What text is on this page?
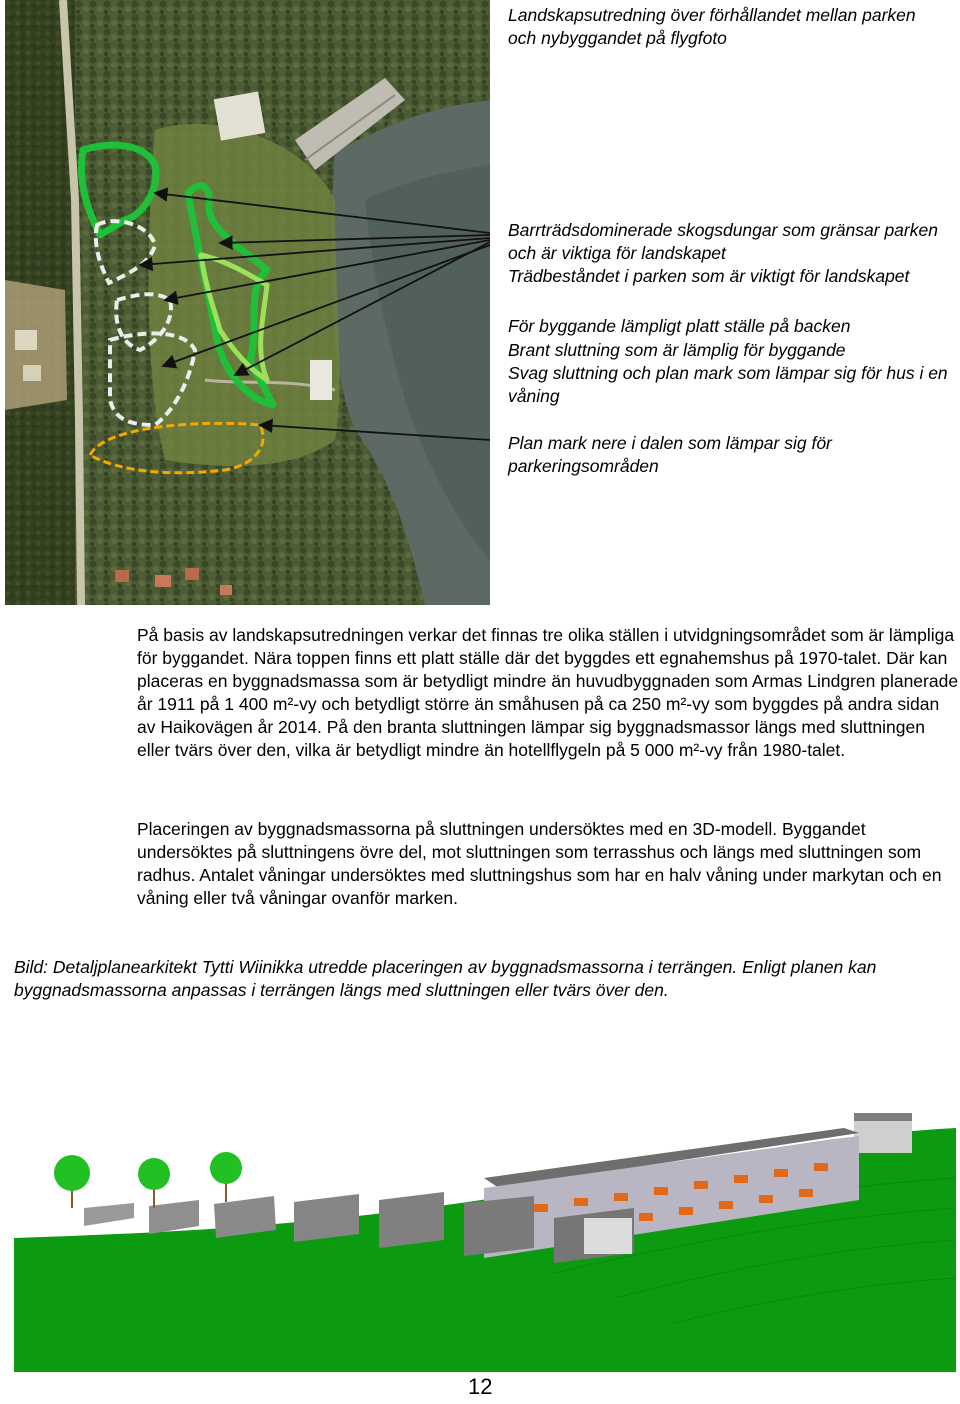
Landskapsutredning över förhållandet mellan parken och nybyggandet på flygfoto
Barrträdsdominerade skogsdungar som gränsar parken och är viktiga för landskapet
Trädbeståndet i parken som är viktigt för landskapet
För byggande lämpligt platt ställe på backen
Brant sluttning som är lämplig för byggande
Svag sluttning och plan mark som lämpar sig för hus i en våning
Plan mark nere i dalen som lämpar sig för parkeringsområden

På basis av landskapsutredningen verkar det finnas tre olika ställen i utvidgningsområdet som är lämpliga för byggandet. Nära toppen finns ett platt ställe där det byggdes ett egnahemshus på 1970-talet. Där kan placeras en byggnadsmassa som är betydligt mindre än huvudbyggnaden som Armas Lindgren planerade år 1911 på 1 400 m²-vy och betydligt större än småhusen på ca 250 m²-vy som byggdes på andra sidan av Haikovägen år 2014. På den branta sluttningen lämpar sig byggnadsmassor längs med sluttningen eller tvärs över den, vilka är betydligt mindre än hotellflygeln på 5 000 m²-vy från 1980-talet.

Placeringen av byggnadsmassorna på sluttningen undersöktes med en 3D-modell. Byggandet undersöktes på sluttningens övre del, mot sluttningen som terrasshus och längs med sluttningen som radhus. Antalet våningar undersöktes med sluttningshus som har en halv våning under markytan och en våning eller två våningar ovanför marken.

Bild: Detaljplanearkitekt Tytti Wiinikka utredde placeringen av byggnadsmassorna i terrängen. Enligt planen kan byggnadsmassorna anpassas i terrängen längs med sluttningen eller tvärs över den.
12
